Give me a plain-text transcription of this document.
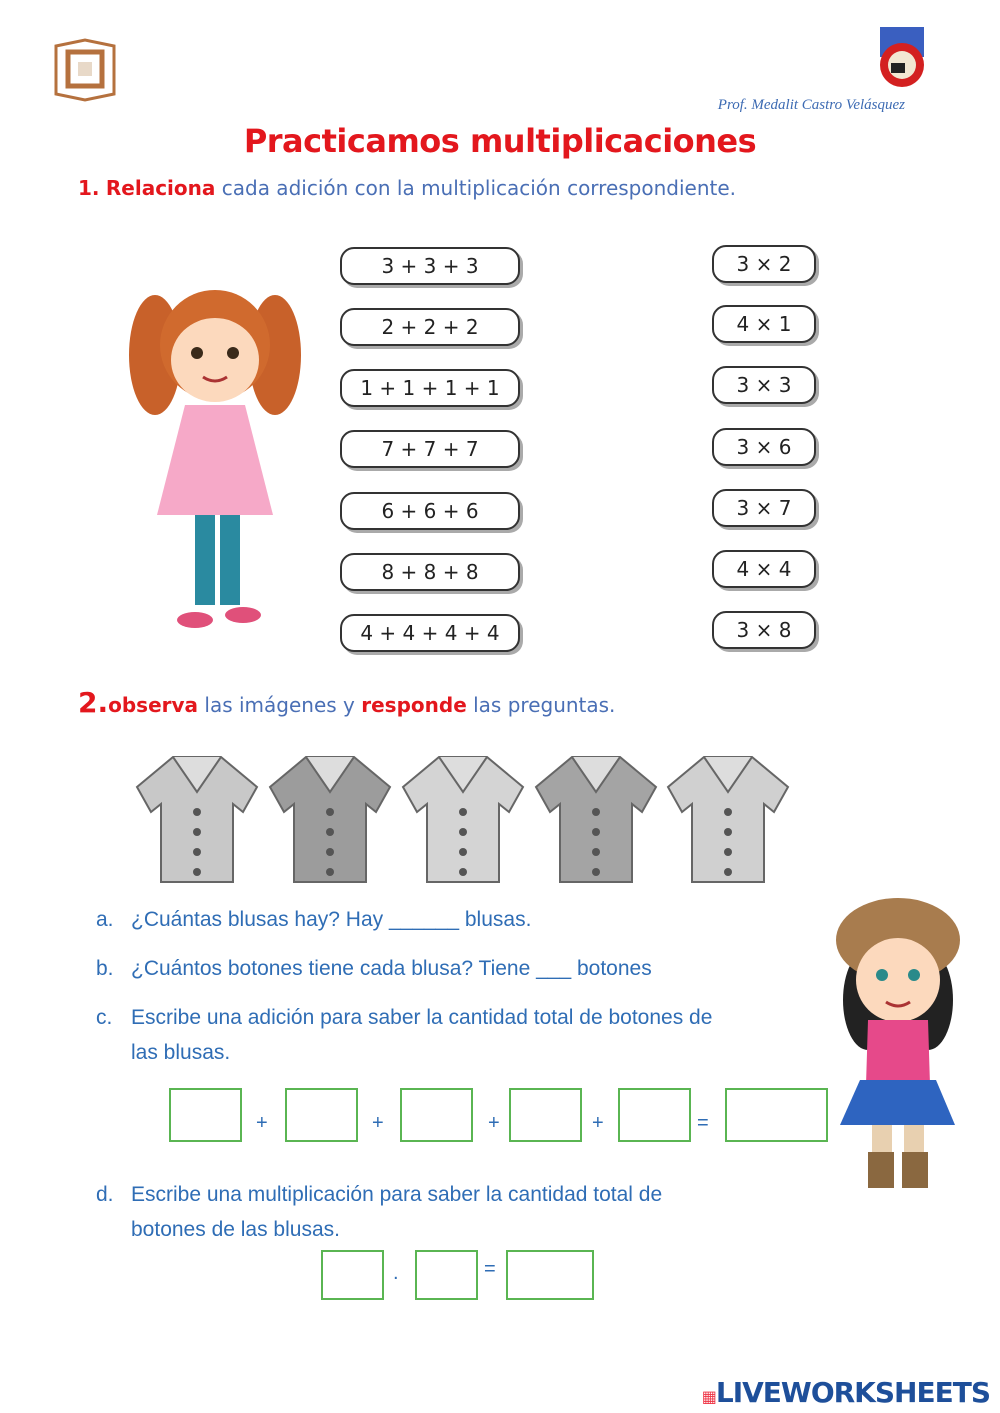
Prof. Medalit Castro Velásquez
Practicamos multiplicaciones
1. Relaciona cada adición con la multiplicación correspondiente.
3 + 3 + 3
2 + 2 + 2
1 + 1 + 1 + 1
7 + 7 + 7
6 + 6 + 6
8 + 8 + 8
4 + 4 + 4 + 4
3 × 2
4 × 1
3 × 3
3 × 6
3 × 7
4 × 4
3 × 8
2.observa las imágenes y responde las preguntas.
a. ¿Cuántas blusas hay? Hay ______ blusas.
b. ¿Cuántos botones tiene cada blusa? Tiene ___ botones
c. Escribe una adición para saber la cantidad total de botones de
las blusas.
d. Escribe una multiplicación para saber la cantidad total de
botones de las blusas.
+	+	+	+	=
.	=
▦LIVEWORKSHEETS
